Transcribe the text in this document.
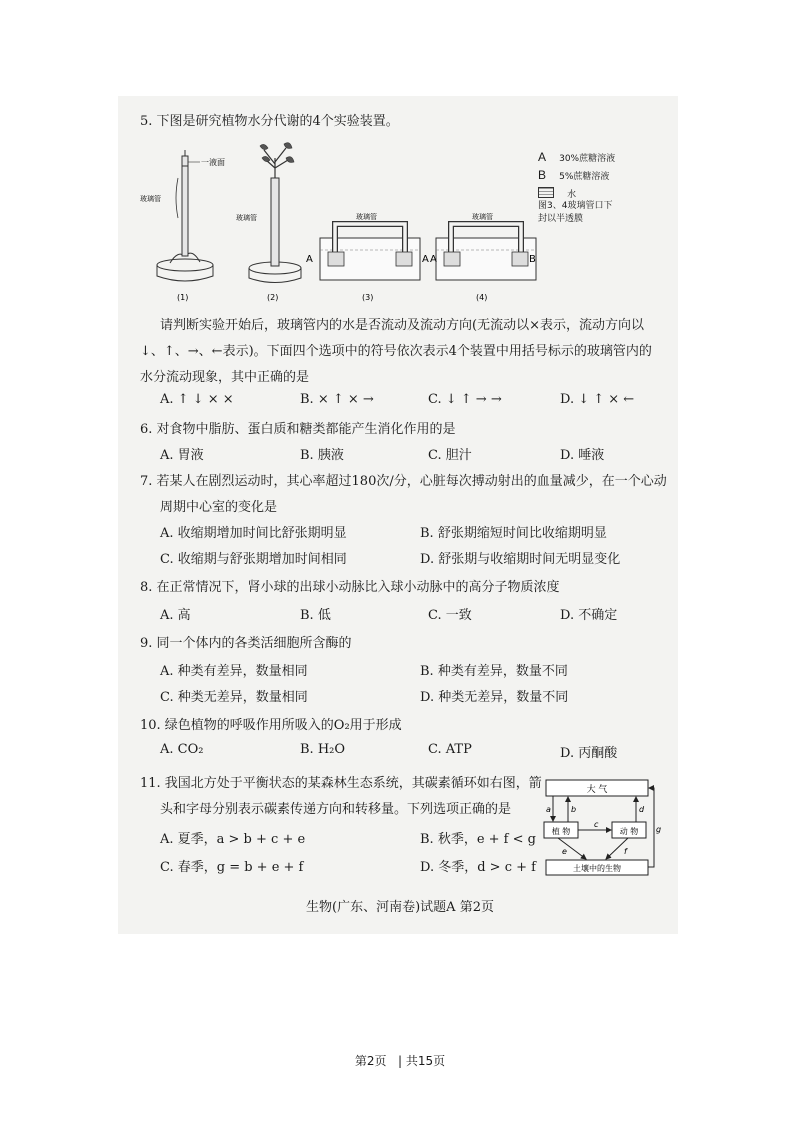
5. 下图是研究植物水分代谢的4个实验装置。
一液面
玻璃管
玻璃管	玻璃管
A	A
玻璃管
A	B
(1)	(2)	(3)	(4)
A 30%蔗糖溶液
B 5%蔗糖溶液
水
图3、4玻璃管口下
封以半透膜
请判断实验开始后，玻璃管内的水是否流动及流动方向(无流动以×表示，流动方向以
↓、↑、→、←表示)。下面四个选项中的符号依次表示4个装置中用括号标示的玻璃管内的
水分流动现象，其中正确的是
A. ↑ ↓ × ×	B. × ↑ × →	C. ↓ ↑ → →	D. ↓ ↑ × ←
6. 对食物中脂肪、蛋白质和糖类都能产生消化作用的是
A. 胃液	B. 胰液	C. 胆汁	D. 唾液
7. 若某人在剧烈运动时，其心率超过180次/分，心脏每次搏动射出的血量减少，在一个心动
周期中心室的变化是
A. 收缩期增加时间比舒张期明显	B. 舒张期缩短时间比收缩期明显
C. 收缩期与舒张期增加时间相同	D. 舒张期与收缩期时间无明显变化
8. 在正常情况下，肾小球的出球小动脉比入球小动脉中的高分子物质浓度
A. 高	B. 低	C. 一致	D. 不确定
9. 同一个体内的各类活细胞所含酶的
A. 种类有差异，数量相同	B. 种类有差异，数量不同
C. 种类无差异，数量相同	D. 种类无差异，数量不同
10. 绿色植物的呼吸作用所吸入的O₂用于形成
A. CO₂	B. H₂O	C. ATP	D. 丙酮酸
11. 我国北方处于平衡状态的某森林生态系统，其碳素循环如右图，箭
头和字母分别表示碳素传递方向和转移量。下列选项正确的是
A. 夏季，a > b + c + e	B. 秋季，e + f < g
C. 春季，g = b + e + f	D. 冬季，d > c + f
大 气
植 物	动 物
土壤中的生物
a	b
c
d
e	f
g
生物(广东、河南卷)试题A 第2页
第2页   | 共15页
